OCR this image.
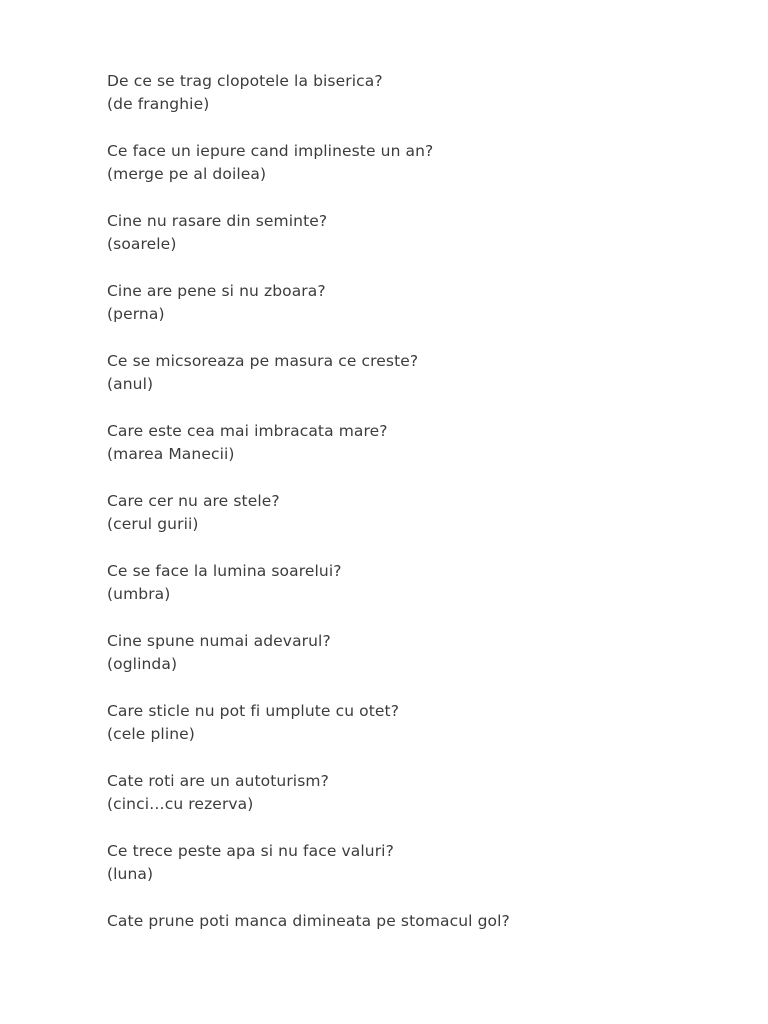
De ce se trag clopotele la biserica?
(de franghie)
Ce face un iepure cand implineste un an?
(merge pe al doilea)
Cine nu rasare din seminte?
(soarele)
Cine are pene si nu zboara?
(perna)
Ce se micsoreaza pe masura ce creste?
(anul)
Care este cea mai imbracata mare?
(marea Manecii)
Care cer nu are stele?
(cerul gurii)
Ce se face la lumina soarelui?
(umbra)
Cine spune numai adevarul?
(oglinda)
Care sticle nu pot fi umplute cu otet?
(cele pline)
Cate roti are un autoturism?
(cinci…cu rezerva)
Ce trece peste apa si nu face valuri?
(luna)
Cate prune poti manca dimineata pe stomacul gol?
